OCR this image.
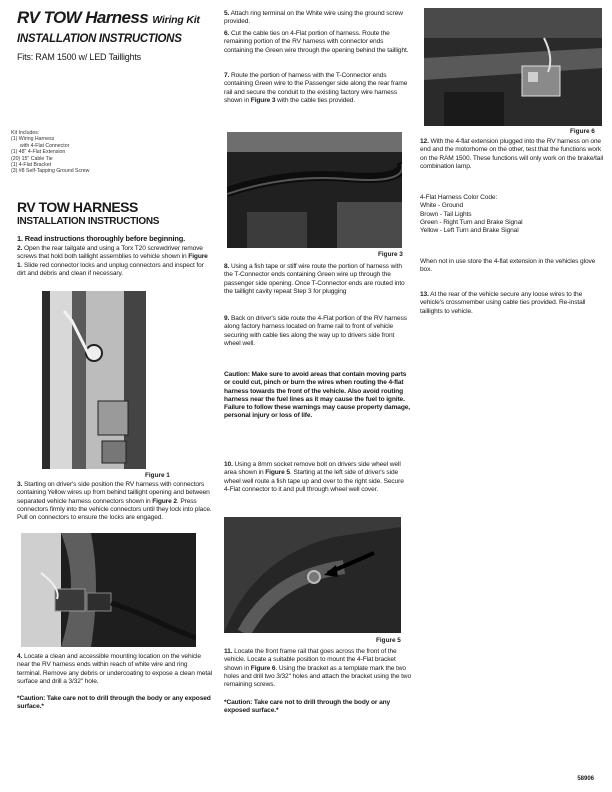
RV TOW Harness Wiring Kit
INSTALLATION INSTRUCTIONS
Fits: RAM 1500 w/ LED Taillights
Kit Includes:
(1) Wiring Harness
with 4-Flat Connector
(1) 48" 4-Flat Extension
(20) 15" Cable Tie
(1) 4-Flat Bracket
(3) #8 Self-Tapping Ground Screw
RV TOW HARNESS
INSTALLATION INSTRUCTIONS
1. Read instructions thoroughly before beginning.
2. Open the rear tailgate and using a Torx T20 screwdriver remove screws that hold both taillight assemblies to vehicle shown in Figure 1. Slide red connector locks and unplug connectors and inspect for dirt and debris and clean if necessary.
Figure 1
3. Starting on driver's side position the RV harness with connectors containing Yellow wires up from behind taillight opening and between separated vehicle harness connectors shown in Figure 2. Press connectors firmly into the vehicle connectors until they lock into place. Pull on connectors to ensure the locks are engaged.
4. Locate a clean and accessible mounting location on the vehicle near the RV harness ends within reach of white wire and ring terminal. Remove any debris or undercoating to expose a clean metal surface and drill a 3/32" hole.
*Caution: Take care not to drill through the body or any exposed surface.*
5. Attach ring terminal on the White wire using the ground screw provided.
6. Cut the cable ties on 4-Flat portion of harness. Route the remaining portion of the RV harness with connector ends containing the Green wire through the opening behind the taillight.
7. Route the portion of harness with the T-Connector ends containing Green wire to the Passenger side along the rear frame rail and secure the conduit to the existing factory wire harness shown in Figure 3 with the cable ties provided.
Figure 3
8. Using a fish tape or stiff wire route the portion of harness with the T-Connector ends containing Green wire up through the passenger side opening. Once T-Connector ends are routed into the taillight cavity repeat Step 3 for plugging
9. Back on driver's side route the 4-Flat portion of the RV harness along factory harness located on frame rail to front of vehicle securing with cable ties along the way up to drivers side front wheel well.
Caution: Make sure to avoid areas that contain moving parts or could cut, pinch or burn the wires when routing the 4-flat harness towards the front of the vehicle. Also avoid routing harness near the fuel lines as it may cause the fuel to ignite.
Failure to follow these warnings may cause property damage, personal injury or loss of life.
10. Using a 8mm socket remove bolt on drivers side wheel well area shown in Figure 5. Starting at the left side of driver's side wheel well route a fish tape up and over to the right side. Secure 4-Flat connector to it and pull through wheel well cover.
Figure 5
11. Locate the front frame rail that goes across the front of the vehicle. Locate a suitable position to mount the 4-Flat bracket shown in Figure 6. Using the bracket as a template mark the two holes and drill two 3/32" holes and attach the bracket using the two remaining screws.
*Caution: Take care not to drill through the body or any exposed surface.*
Figure 6
12. With the 4-flat extension plugged into the RV harness on one end and the motorhome on the other, test that the functions work on the RAM 1500. These functions will only work on the brake/tail combination lamp.
4-Flat Harness Color Code:
White - Ground
Brown - Tail Lights
Green - Right Turn and Brake Signal
Yellow - Left Turn and Brake Signal
When not in use store the 4-flat extension in the vehicles glove box.
13. At the rear of the vehicle secure any loose wires to the vehicle's crossmember using cable ties provided. Re-install taillights to vehicle.
58906
